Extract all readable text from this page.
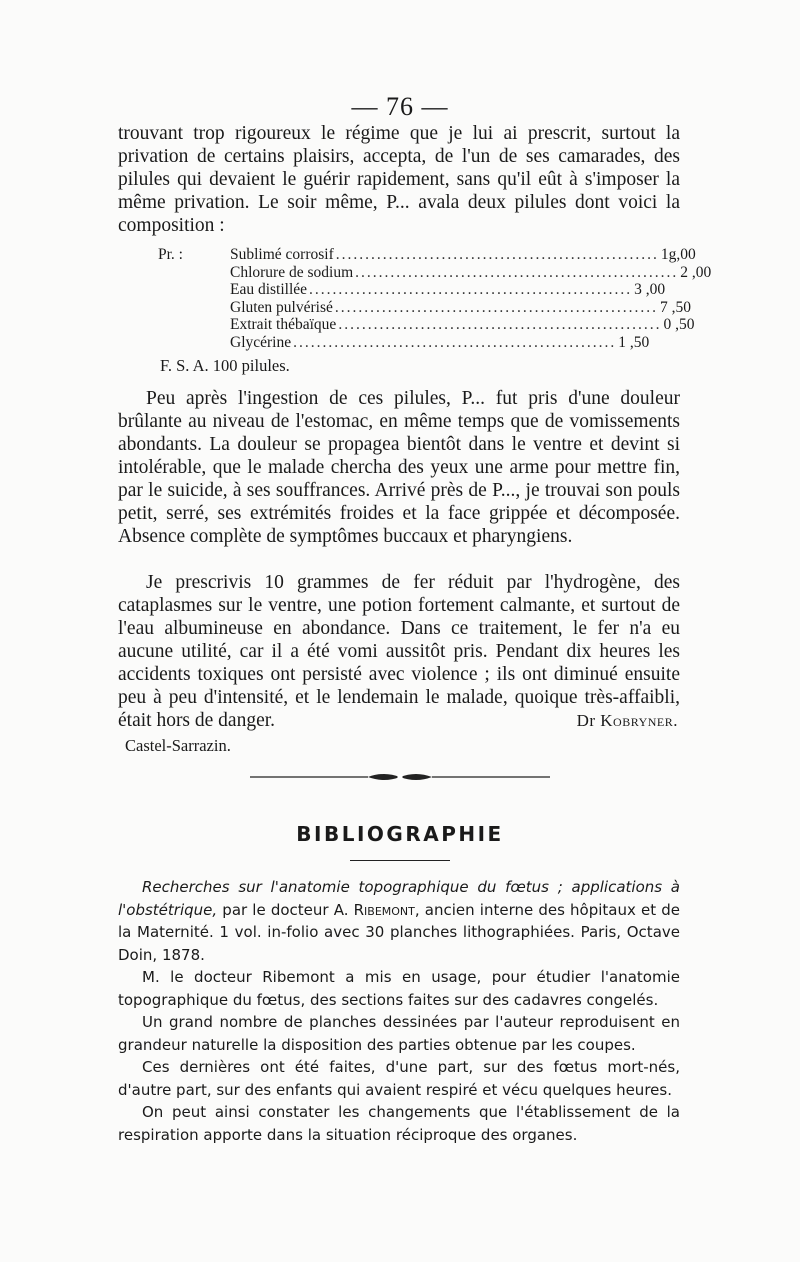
— 76 —

trouvant trop rigoureux le régime que je lui ai prescrit, surtout la privation de certains plaisirs, accepta, de l'un de ses camarades, des pilules qui devaient le guérir rapidement, sans qu'il eût à s'imposer la même privation. Le soir même, P... avala deux pilules dont voici la composition :

Pr. :	Sublimé corrosif ....................................................... 1g,00
Chlorure de sodium ....................................................... 2 ,00
Eau distillée ....................................................... 3 ,00
Gluten pulvérisé ....................................................... 7 ,50
Extrait thébaïque ....................................................... 0 ,50
Glycérine ....................................................... 1 ,50
F. S. A. 100 pilules.

Peu après l'ingestion de ces pilules, P... fut pris d'une douleur brûlante au niveau de l'estomac, en même temps que de vomissements abondants. La douleur se propagea bientôt dans le ventre et devint si intolérable, que le malade chercha des yeux une arme pour mettre fin, par le suicide, à ses souffrances. Arrivé près de P..., je trouvai son pouls petit, serré, ses extrémités froides et la face grippée et décomposée. Absence complète de symptômes buccaux et pharyngiens.

Je prescrivis 10 grammes de fer réduit par l'hydrogène, des cataplasmes sur le ventre, une potion fortement calmante, et surtout de l'eau albumineuse en abondance. Dans ce traitement, le fer n'a eu aucune utilité, car il a été vomi aussitôt pris. Pendant dix heures les accidents toxiques ont persisté avec violence ; ils ont diminué ensuite peu à peu d'intensité, et le lendemain le malade, quoique très-affaibli, était hors de danger.	Dr Kobryner.
Castel-Sarrazin.
BIBLIOGRAPHIE

Recherches sur l'anatomie topographique du fœtus ; applications à l'obstétrique, par le docteur A. Ribemont, ancien interne des hôpitaux et de la Maternité. 1 vol. in-folio avec 30 planches lithographiées. Paris, Octave Doin, 1878.

M. le docteur Ribemont a mis en usage, pour étudier l'anatomie topographique du fœtus, des sections faites sur des cadavres congelés.

Un grand nombre de planches dessinées par l'auteur reproduisent en grandeur naturelle la disposition des parties obtenue par les coupes.

Ces dernières ont été faites, d'une part, sur des fœtus mort-nés, d'autre part, sur des enfants qui avaient respiré et vécu quelques heures.

On peut ainsi constater les changements que l'établissement de la respiration apporte dans la situation réciproque des organes.
